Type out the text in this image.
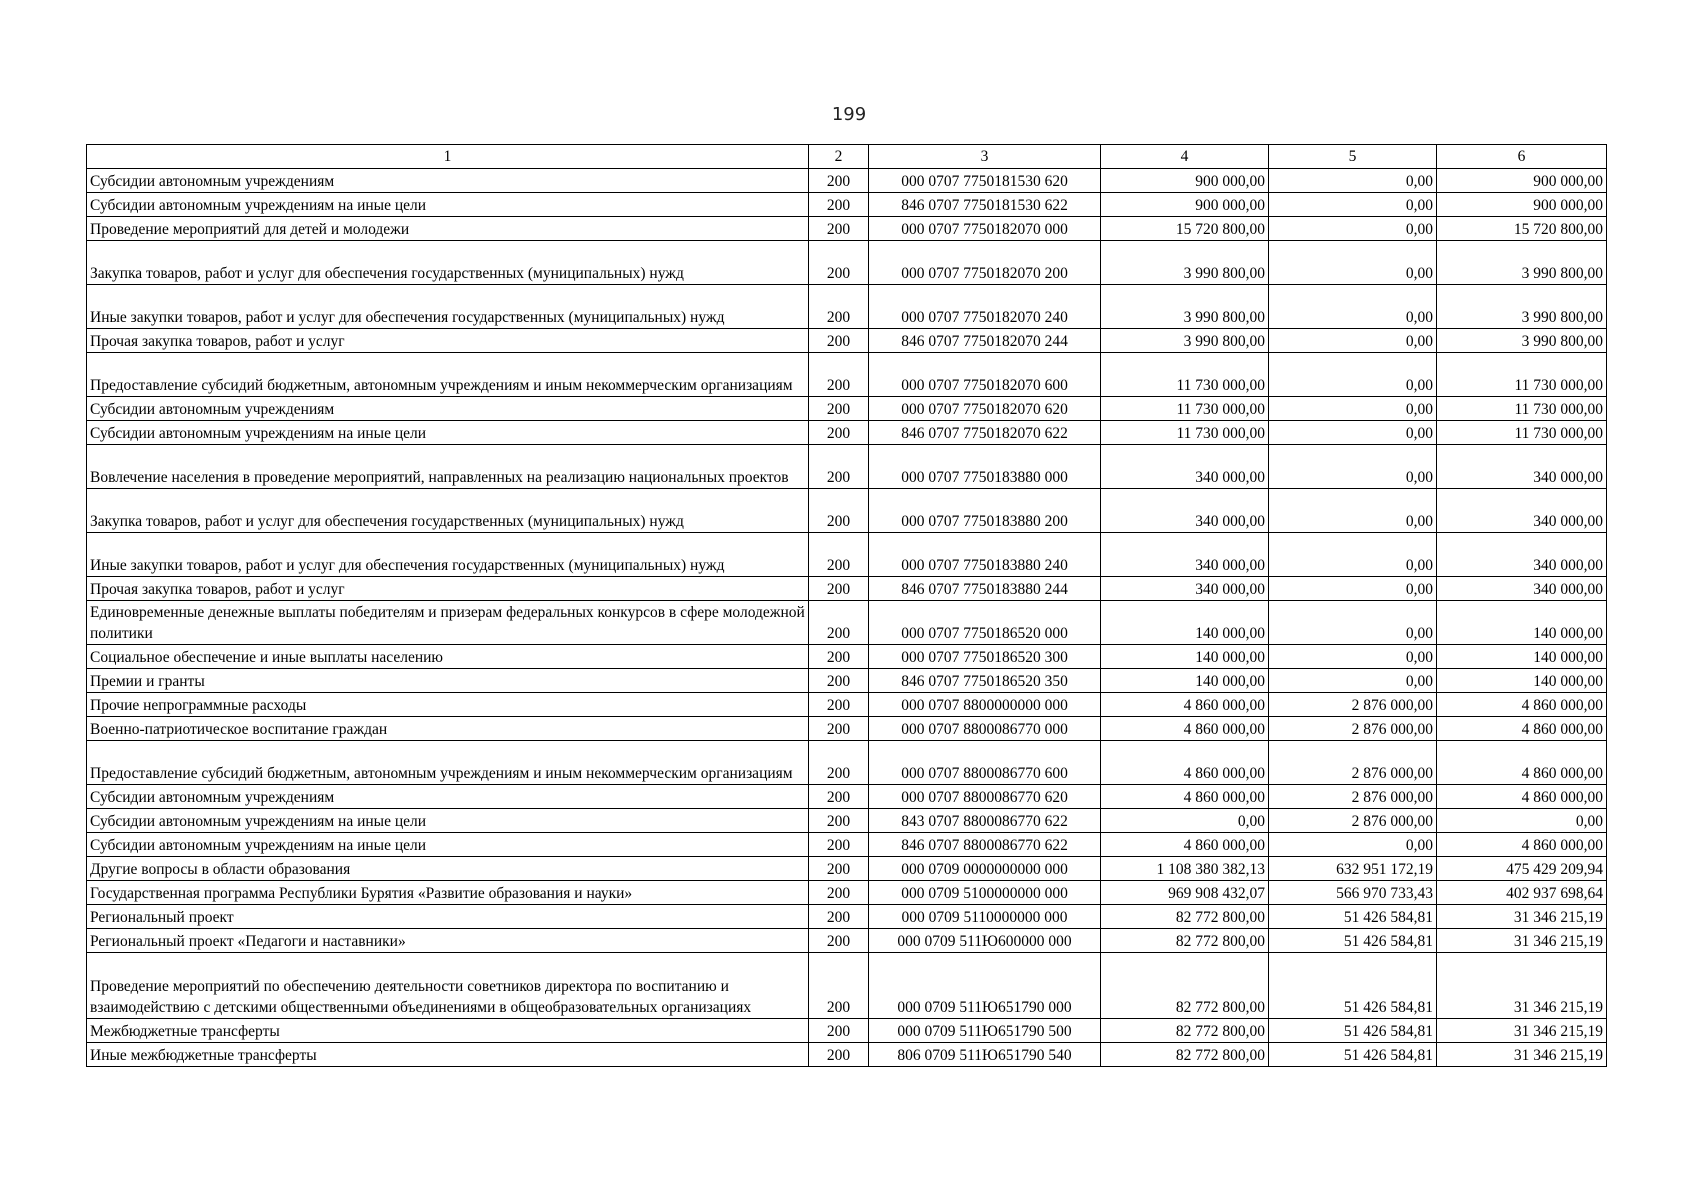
199
1	2	3	4	5	6
Субсидии автономным учреждениям	200	000 0707 7750181530 620	900 000,00	0,00	900 000,00
Субсидии автономным учреждениям на иные цели	200	846 0707 7750181530 622	900 000,00	0,00	900 000,00
Проведение мероприятий для детей и молодежи	200	000 0707 7750182070 000	15 720 800,00	0,00	15 720 800,00
Закупка товаров, работ и услуг для обеспечения государственных (муниципальных) нужд	200	000 0707 7750182070 200	3 990 800,00	0,00	3 990 800,00
Иные закупки товаров, работ и услуг для обеспечения государственных (муниципальных) нужд	200	000 0707 7750182070 240	3 990 800,00	0,00	3 990 800,00
Прочая закупка товаров, работ и услуг	200	846 0707 7750182070 244	3 990 800,00	0,00	3 990 800,00
Предоставление субсидий бюджетным, автономным учреждениям и иным некоммерческим организациям	200	000 0707 7750182070 600	11 730 000,00	0,00	11 730 000,00
Субсидии автономным учреждениям	200	000 0707 7750182070 620	11 730 000,00	0,00	11 730 000,00
Субсидии автономным учреждениям на иные цели	200	846 0707 7750182070 622	11 730 000,00	0,00	11 730 000,00
Вовлечение населения в проведение мероприятий, направленных на реализацию национальных проектов	200	000 0707 7750183880 000	340 000,00	0,00	340 000,00
Закупка товаров, работ и услуг для обеспечения государственных (муниципальных) нужд	200	000 0707 7750183880 200	340 000,00	0,00	340 000,00
Иные закупки товаров, работ и услуг для обеспечения государственных (муниципальных) нужд	200	000 0707 7750183880 240	340 000,00	0,00	340 000,00
Прочая закупка товаров, работ и услуг	200	846 0707 7750183880 244	340 000,00	0,00	340 000,00
Единовременные денежные выплаты победителям и призерам федеральных конкурсов в сфере молодежной политики	200	000 0707 7750186520 000	140 000,00	0,00	140 000,00
Социальное обеспечение и иные выплаты населению	200	000 0707 7750186520 300	140 000,00	0,00	140 000,00
Премии и гранты	200	846 0707 7750186520 350	140 000,00	0,00	140 000,00
Прочие непрограммные расходы	200	000 0707 8800000000 000	4 860 000,00	2 876 000,00	4 860 000,00
Военно-патриотическое воспитание граждан	200	000 0707 8800086770 000	4 860 000,00	2 876 000,00	4 860 000,00
Предоставление субсидий бюджетным, автономным учреждениям и иным некоммерческим организациям	200	000 0707 8800086770 600	4 860 000,00	2 876 000,00	4 860 000,00
Субсидии автономным учреждениям	200	000 0707 8800086770 620	4 860 000,00	2 876 000,00	4 860 000,00
Субсидии автономным учреждениям на иные цели	200	843 0707 8800086770 622	0,00	2 876 000,00	0,00
Субсидии автономным учреждениям на иные цели	200	846 0707 8800086770 622	4 860 000,00	0,00	4 860 000,00
Другие вопросы в области образования	200	000 0709 0000000000 000	1 108 380 382,13	632 951 172,19	475 429 209,94
Государственная программа Республики Бурятия «Развитие образования и науки»	200	000 0709 5100000000 000	969 908 432,07	566 970 733,43	402 937 698,64
Региональный проект	200	000 0709 5110000000 000	82 772 800,00	51 426 584,81	31 346 215,19
Региональный проект «Педагоги и наставники»	200	000 0709 511Ю600000 000	82 772 800,00	51 426 584,81	31 346 215,19
Проведение мероприятий по обеспечению деятельности советников директора по воспитанию и взаимодействию с детскими общественными объединениями в общеобразовательных организациях	200	000 0709 511Ю651790 000	82 772 800,00	51 426 584,81	31 346 215,19
Межбюджетные трансферты	200	000 0709 511Ю651790 500	82 772 800,00	51 426 584,81	31 346 215,19
Иные межбюджетные трансферты	200	806 0709 511Ю651790 540	82 772 800,00	51 426 584,81	31 346 215,19
